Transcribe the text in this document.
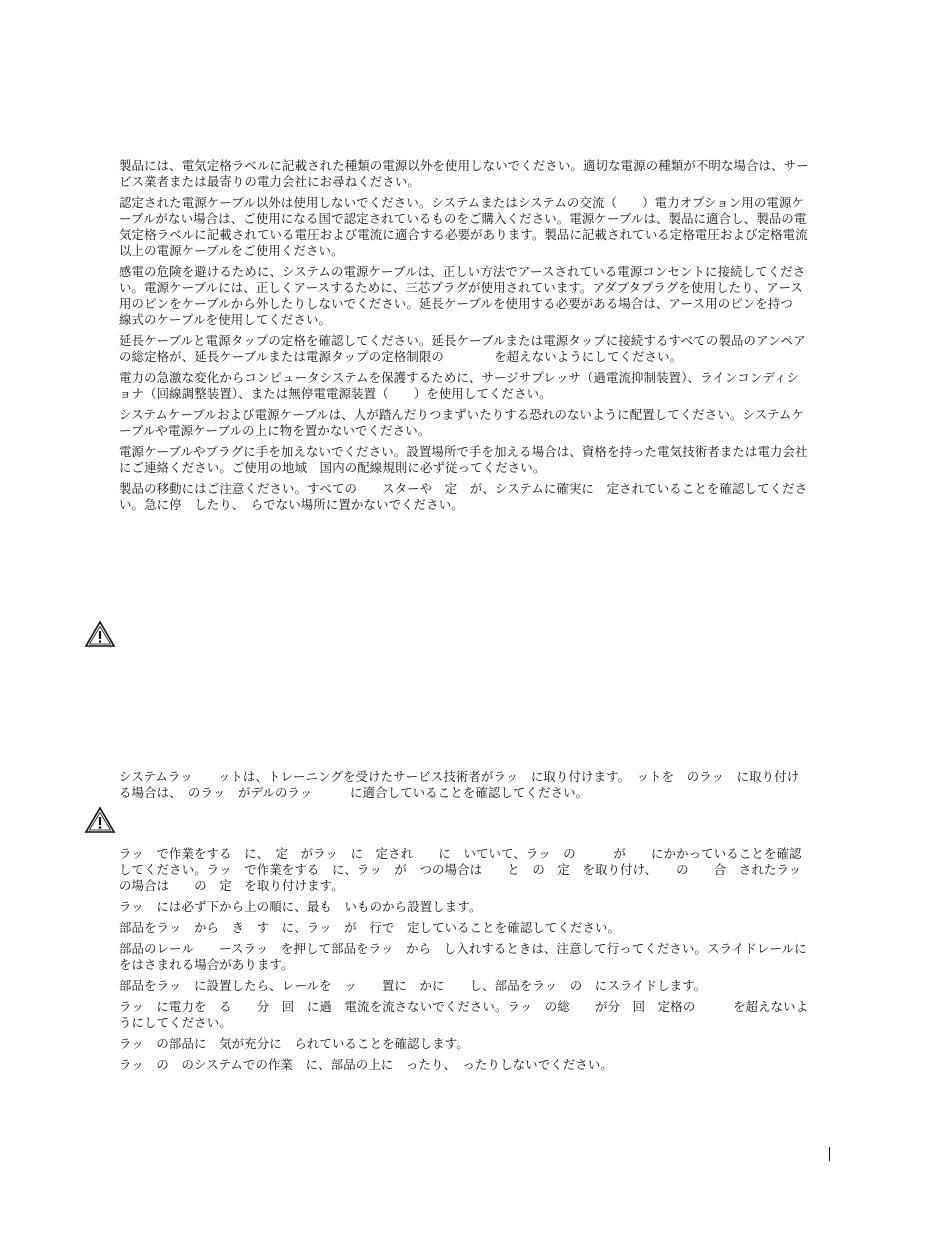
製品には、電気定格ラベルに記載された種類の電源以外を使用しないでください。適切な電源の種類が不明な場合は、サービス業者または最寄りの電力会社にお尋ねください。

認定された電源ケーブル以外は使用しないでください。システムまたはシステムの交流（　　）電力オプション用の電源ケーブルがない場合は、ご使用になる国で認定されているものをご購入ください。電源ケーブルは、製品に適合し、製品の電気定格ラベルに記載されている電圧および電流に適合する必要があります。製品に記載されている定格電圧および定格電流以上の電源ケーブルをご使用ください。

感電の危険を避けるために、システムの電源ケーブルは、正しい方法でアースされている電源コンセントに接続してください。電源ケーブルには、正しくアースするために、三芯プラグが使用されています。アダプタプラグを使用したり、アース用のピンをケーブルから外したりしないでください。延長ケーブルを使用する必要がある場合は、アース用のピンを持つ　 線式のケーブルを使用してください。

延長ケーブルと電源タップの定格を確認してください。延長ケーブルまたは電源タップに接続するすべての製品のアンペアの総定格が、延長ケーブルまたは電源タップの定格制限の　　　　を超えないようにしてください。

電力の急激な変化からコンピュータシステムを保護するために、サージサプレッサ（過電流抑制装置）、ラインコンディショナ（回線調整装置）、または無停電電源装置（　　）を使用してください。

システムケーブルおよび電源ケーブルは、人が踏んだりつまずいたりする恐れのないように配置してください。システムケーブルや電源ケーブルの上に物を置かないでください。

電源ケーブルやプラグに手を加えないでください。設置場所で手を加える場合は、資格を持った電気技術者または電力会社にご連絡ください。ご使用の地域　国内の配線規則に必ず従ってください。

製品の移動にはご注意ください。すべての　　スターや　定　が、システムに確実に　定されていることを確認してください。急に停　したり、　らでない場所に置かないでください。

システムラッ　　ットは、トレーニングを受けたサービス技術者がラッ　に取り付けます。　ットを　のラッ　に取り付ける場合は、　のラッ　がデルのラッ　　　に適合していることを確認してください。

ラッ　で作業をする　に、　定　がラッ　に　定され　　に　いていて、ラッ　の　　　が　　にかかっていることを確認してください。ラッ　で作業をする　に、ラッ　が　つの場合は　　と　の　定　を取り付け、　　の　　合　されたラッ　の場合は　　の　定　を取り付けます。

ラッ　には必ず下から上の順に、最も　いものから設置します。

部品をラッ　から　き　す　に、ラッ　が　行で　定していることを確認してください。

部品のレール　　ースラッ　を押して部品をラッ　から　し入れするときは、注意して行ってください。スライドレールに　をはさまれる場合があります。

部品をラッ　に設置したら、レールを　ッ　　置に　かに　　し、部品をラッ　の　にスライドします。

ラッ　に電力を　る　　分　回　に過　電流を流さないでください。ラッ　の総　　が分　回　定格の　　　を超えないようにしてください。

ラッ　の部品に　気が充分に　られていることを確認します。

ラッ　の　のシステムでの作業　に、部品の上に　ったり、　ったりしないでください。
